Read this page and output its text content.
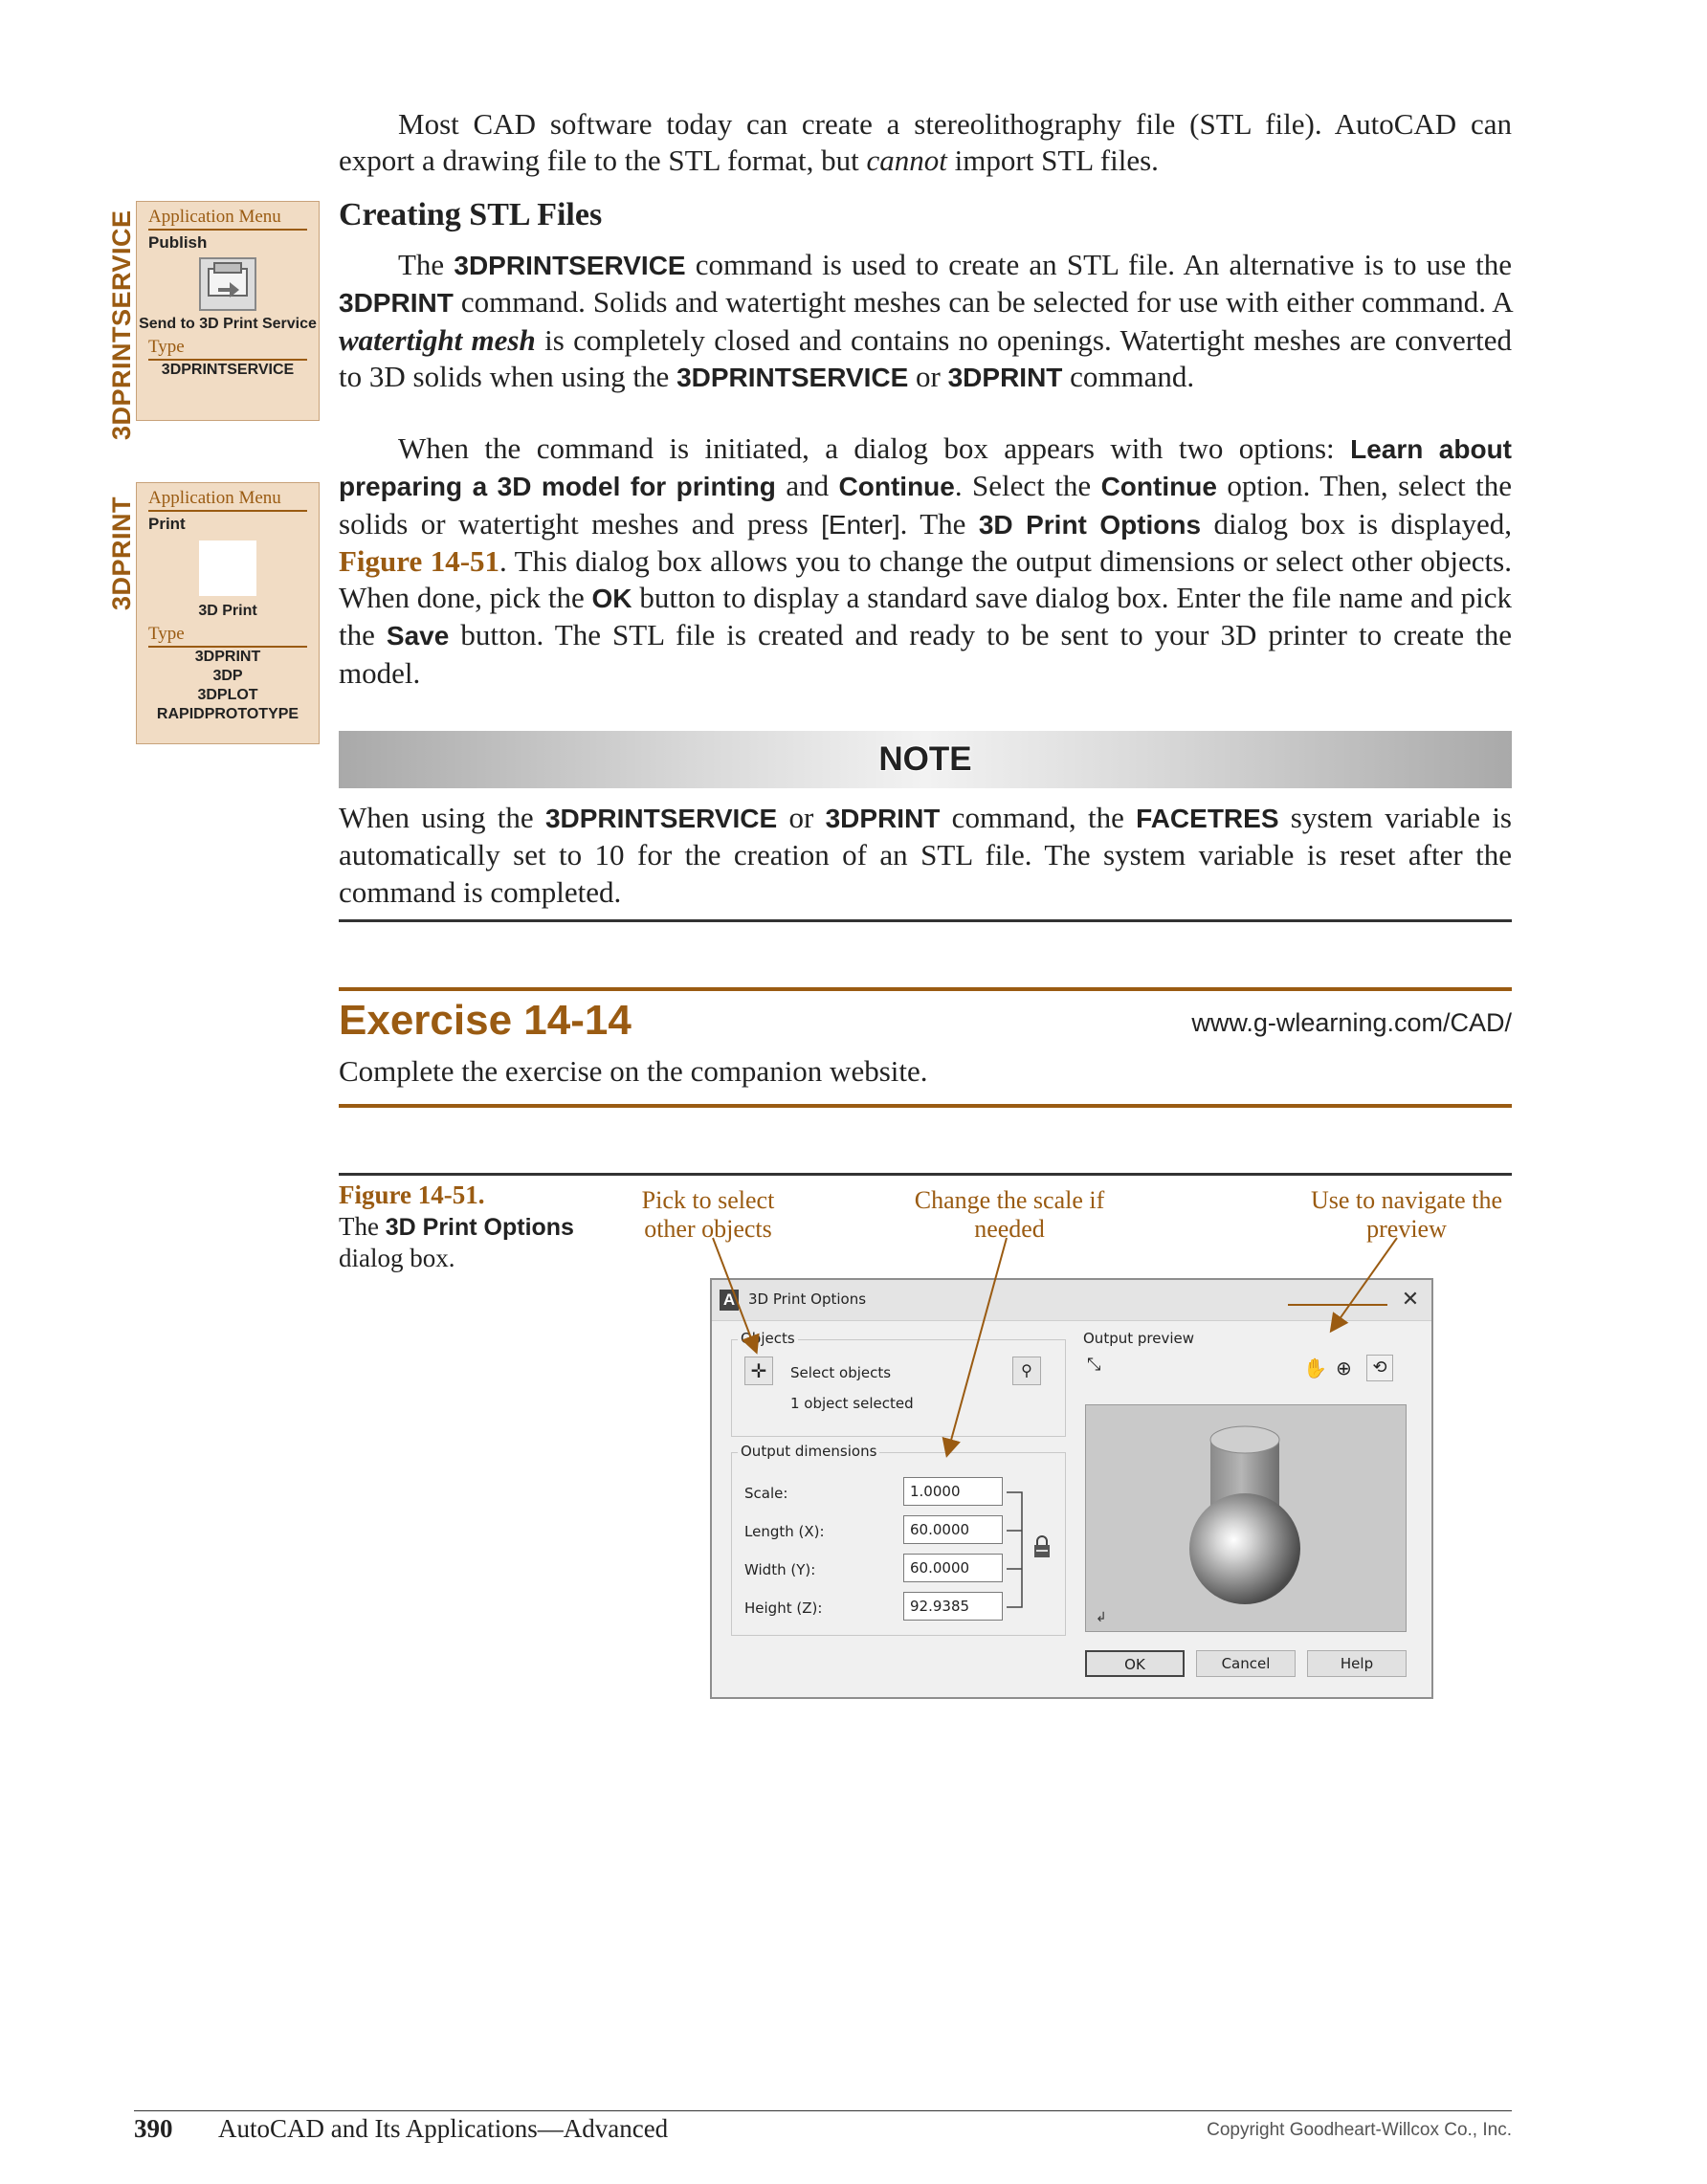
3DPRINTSERVICE
3DPRINT
Application Menu
Publish
Send to 3D Print Service
Type
3DPRINTSERVICE
Application Menu
Print
3D Print
Type
3DPRINT
3DP
3DPLOT
RAPIDPROTOTYPE

Most CAD software today can create a stereolithography file (STL file). AutoCAD can export a drawing file to the STL format, but cannot import STL files.

Creating STL Files

The 3DPRINTSERVICE command is used to create an STL file. An alternative is to use the 3DPRINT command. Solids and watertight meshes can be selected for use with either command. A watertight mesh is completely closed and contains no openings. Watertight meshes are converted to 3D solids when using the 3DPRINTSERVICE or 3DPRINT command.

When the command is initiated, a dialog box appears with two options: Learn about preparing a 3D model for printing and Continue. Select the Continue option. Then, select the solids or watertight meshes and press [Enter]. The 3D Print Options dialog box is displayed, Figure 14-51. This dialog box allows you to change the output dimensions or select other objects. When done, pick the OK button to display a standard save dialog box. Enter the file name and pick the Save button. The STL file is created and ready to be sent to your 3D printer to create the model.

NOTE

When using the 3DPRINTSERVICE or 3DPRINT command, the FACETRES system variable is automatically set to 10 for the creation of an STL file. The system variable is reset after the command is completed.

Exercise 14-14	www.g-wlearning.com/CAD/
Complete the exercise on the companion website.
Figure 14-51.
The 3D Print Options
dialog box.
Pick to select other objects
Change the scale if needed
Use to navigate the preview
A 3D Print Options	✕
Objects
✛	Select objects
1 object selected
⚲
Output dimensions
Scale:	1.0000
Length (X):	60.0000
Width (Y):	60.0000
Height (Z):	92.9385
Output preview
⤡	✋ ⊕	⟲
↲
OK	Cancel	Help
390 AutoCAD and Its Applications—Advanced	Copyright Goodheart-Willcox Co., Inc.
